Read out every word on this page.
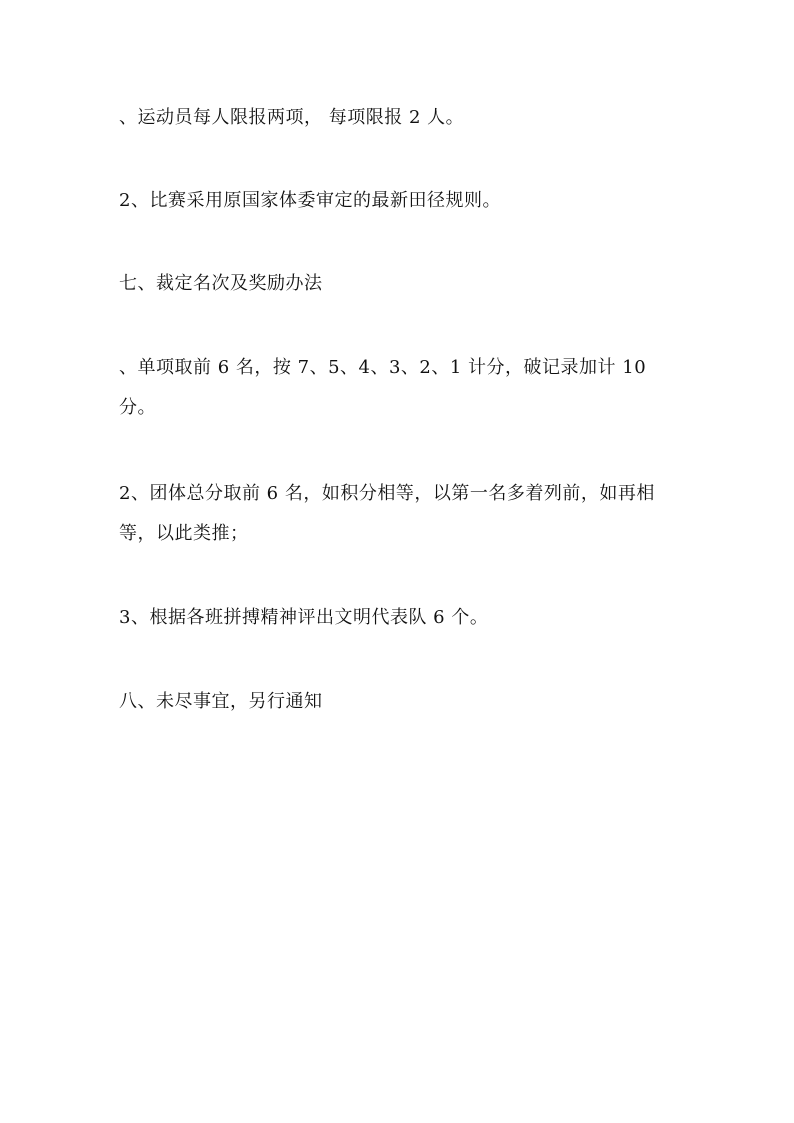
、运动员每人限报两项， 每项限报 2 人。

2、比赛采用原国家体委审定的最新田径规则。

七、裁定名次及奖励办法

、单项取前 6 名，按 7、5、4、3、2、1 计分，破记录加计 10 分。

2、团体总分取前 6 名，如积分相等，以第一名多着列前，如再相等，以此类推；

3、根据各班拼搏精神评出文明代表队 6 个。

八、未尽事宜，另行通知
